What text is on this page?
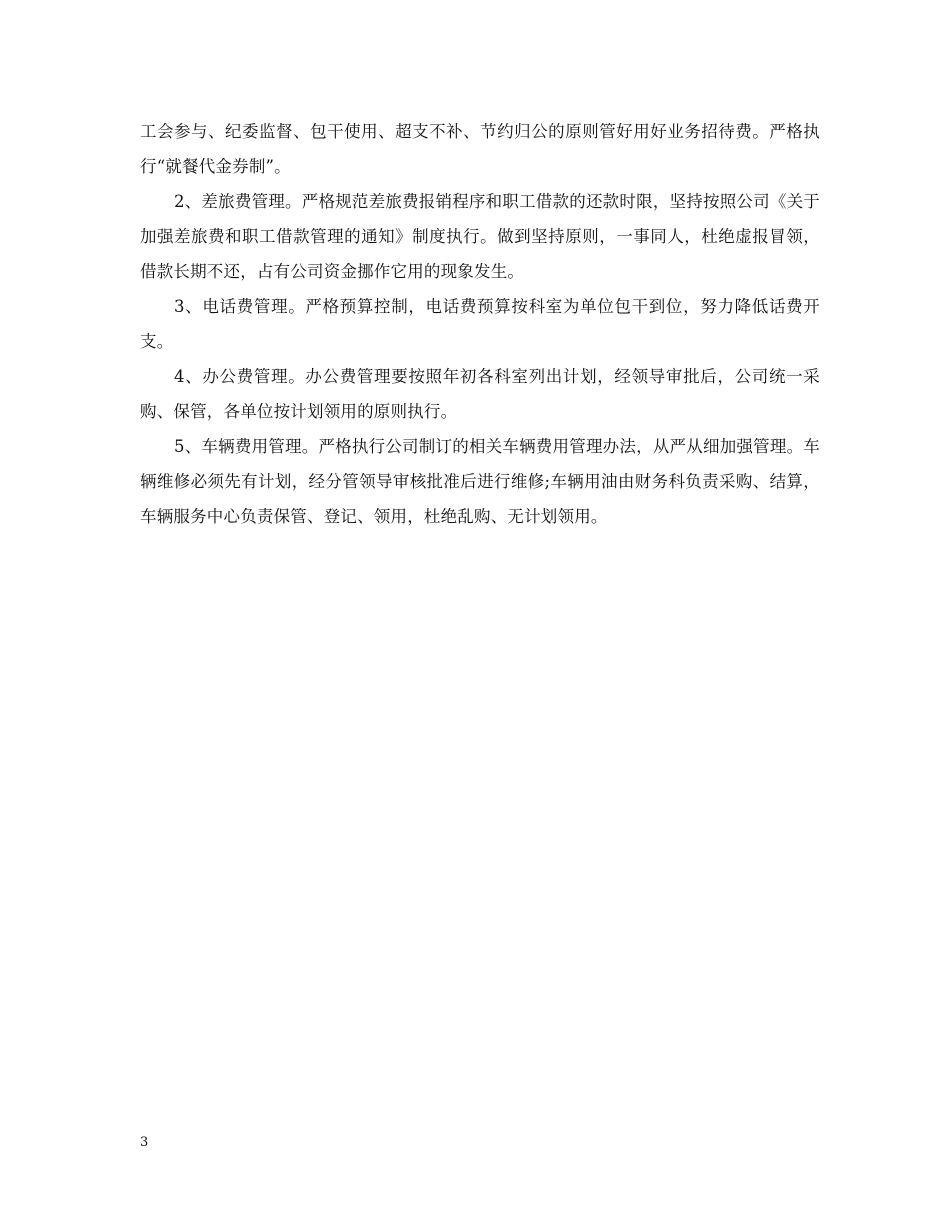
工会参与、纪委监督、包干使用、超支不补、节约归公的原则管好用好业务招待费。严格执行“就餐代金券制”。

2、差旅费管理。严格规范差旅费报销程序和职工借款的还款时限，坚持按照公司《关于加强差旅费和职工借款管理的通知》制度执行。做到坚持原则，一事同人，杜绝虚报冒领，借款长期不还，占有公司资金挪作它用的现象发生。

3、电话费管理。严格预算控制，电话费预算按科室为单位包干到位，努力降低话费开支。

4、办公费管理。办公费管理要按照年初各科室列出计划，经领导审批后，公司统一采购、保管，各单位按计划领用的原则执行。

5、车辆费用管理。严格执行公司制订的相关车辆费用管理办法，从严从细加强管理。车辆维修必须先有计划，经分管领导审核批准后进行维修;车辆用油由财务科负责采购、结算，车辆服务中心负责保管、登记、领用，杜绝乱购、无计划领用。

3
